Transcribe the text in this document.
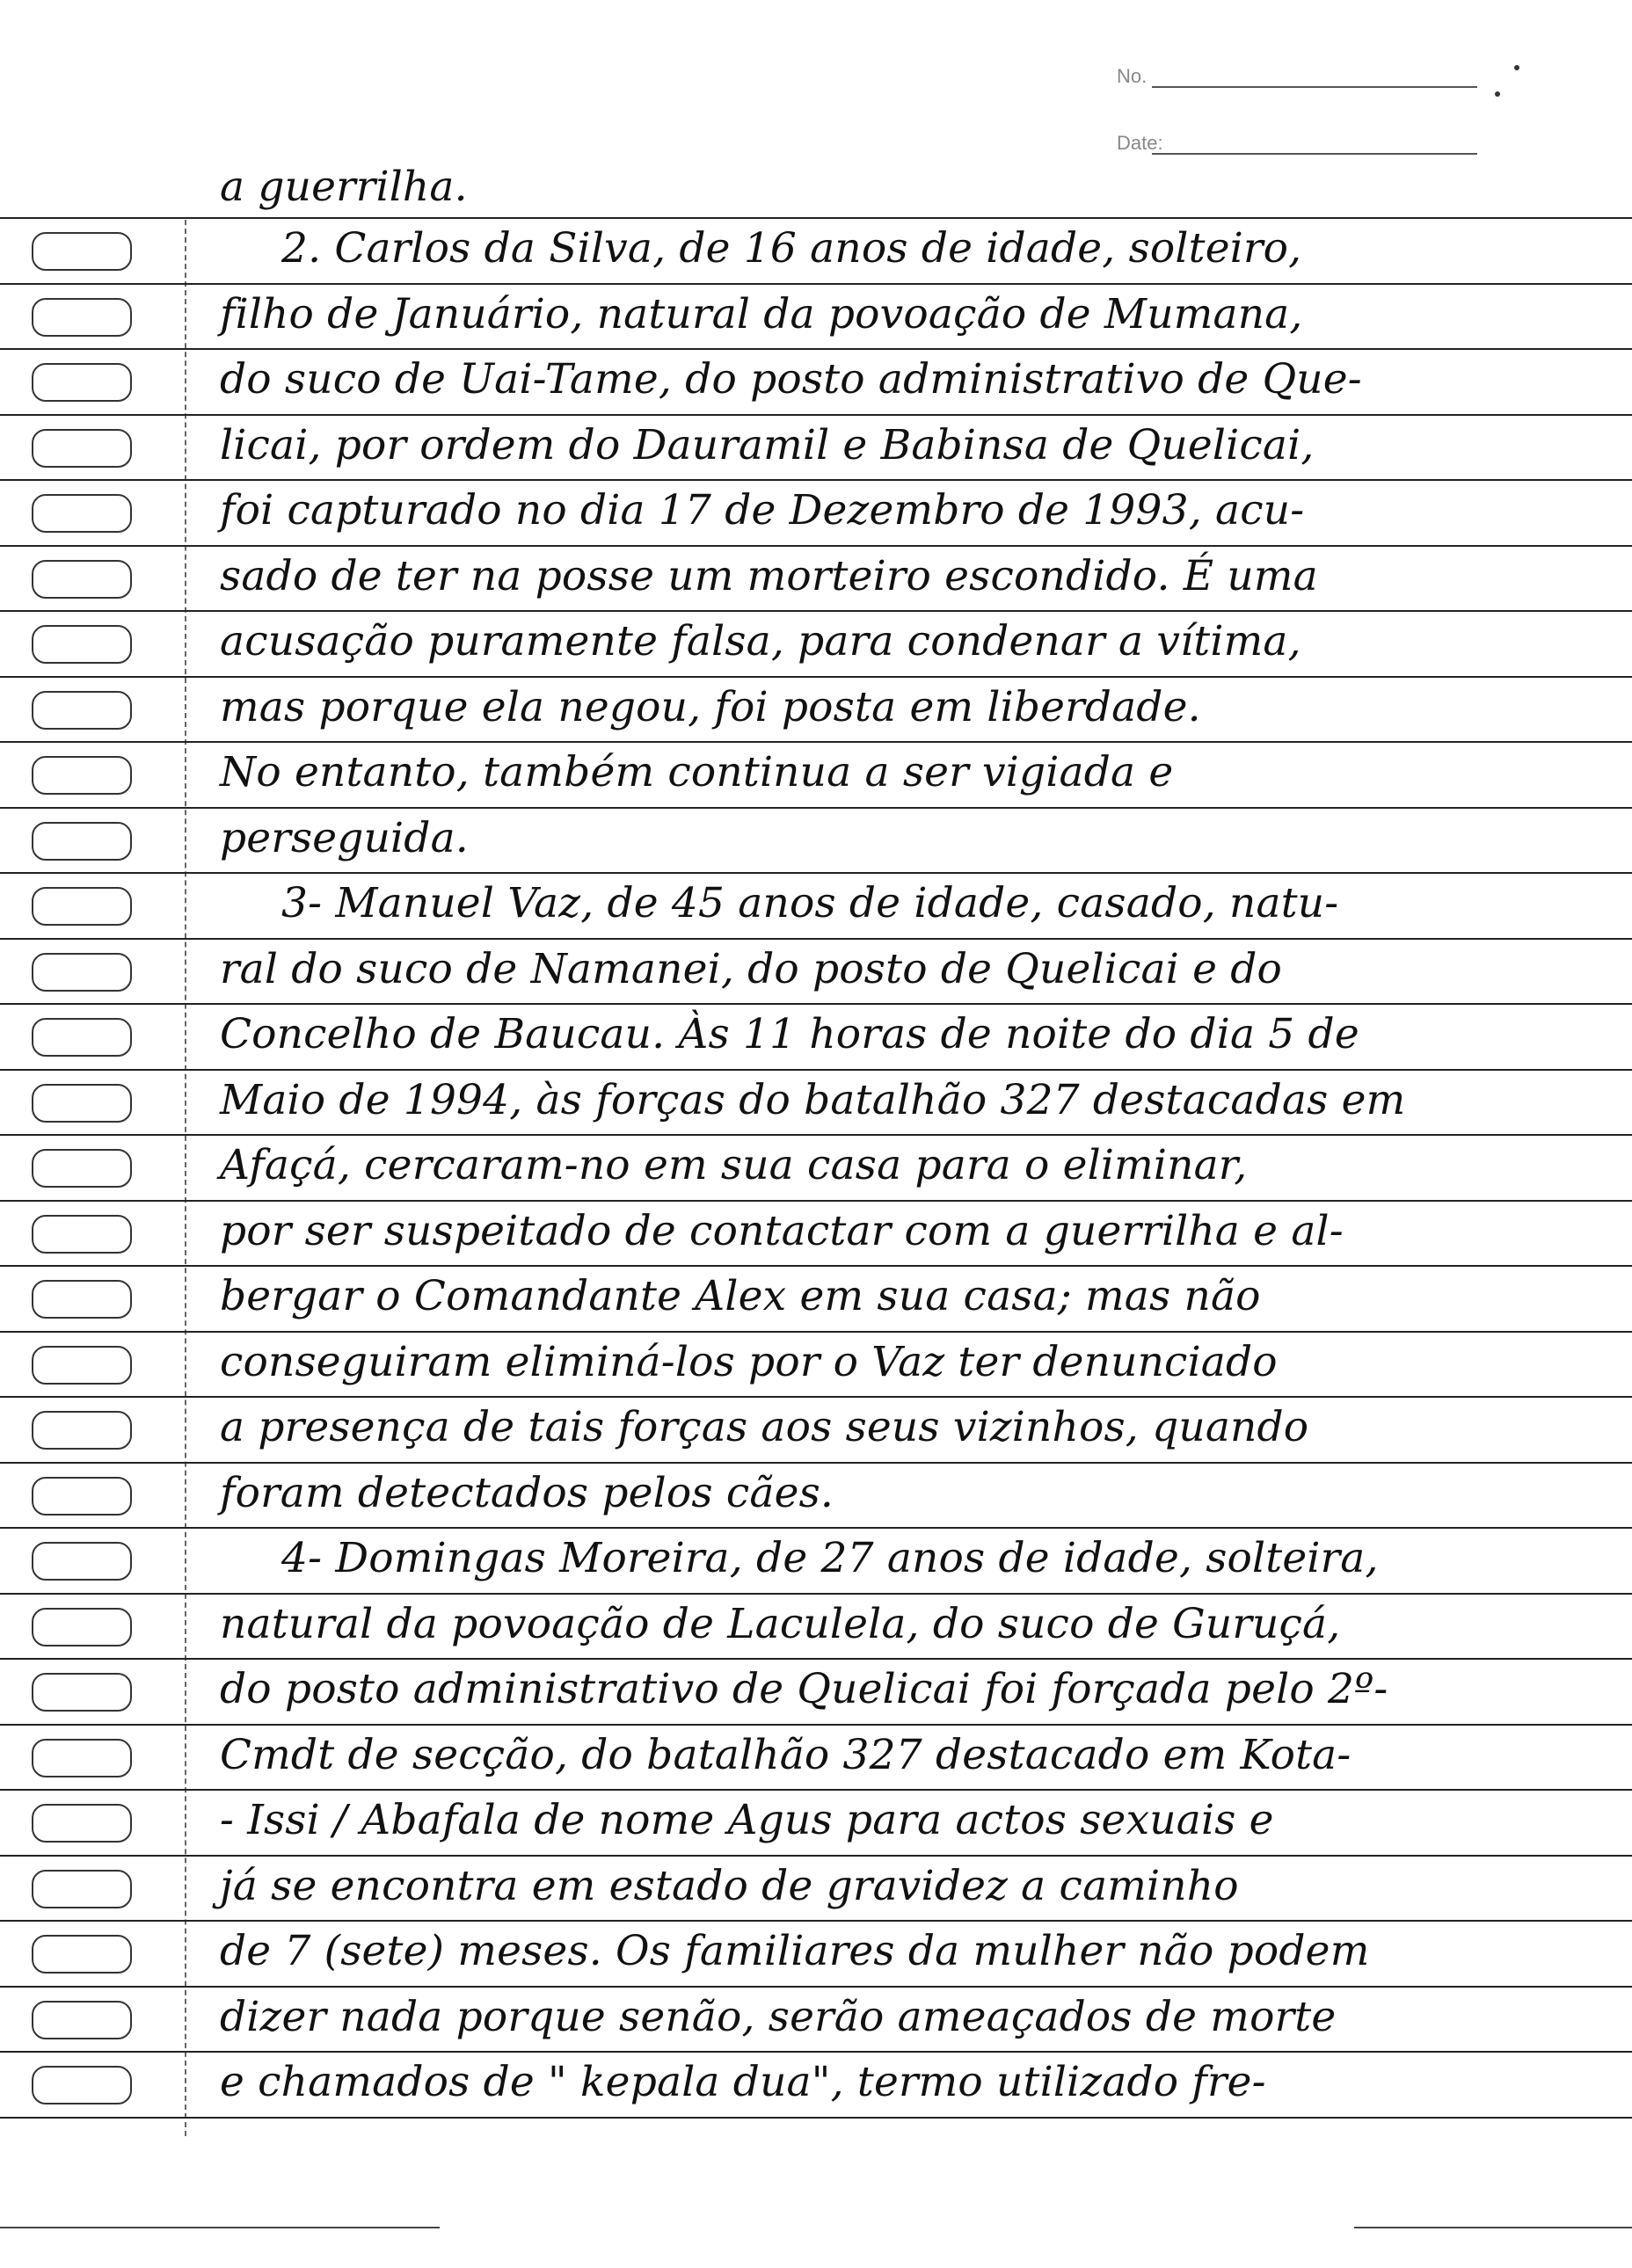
No.
Date:
a guerrilha.
2. Carlos da Silva, de 16 anos de idade, solteiro,
filho de Januário, natural da povoação de Mumana,
do suco de Uai-Tame, do posto administrativo de Que-
licai, por ordem do Dauramil e Babinsa de Quelicai,
foi capturado no dia 17 de Dezembro de 1993, acu-
sado de ter na posse um morteiro escondido. É uma
acusação puramente falsa, para condenar a vítima,
mas porque ela negou, foi posta em liberdade.
No entanto, também continua a ser vigiada e
perseguida.
3- Manuel Vaz, de 45 anos de idade, casado, natu-
ral do suco de Namanei, do posto de Quelicai e do
Concelho de Baucau. Às 11 horas de noite do dia 5 de
Maio de 1994, às forças do batalhão 327 destacadas em
Afaçá, cercaram-no em sua casa para o eliminar,
por ser suspeitado de contactar com a guerrilha e al-
bergar o Comandante Alex em sua casa; mas não
conseguiram eliminá-los por o Vaz ter denunciado
a presença de tais forças aos seus vizinhos, quando
foram detectados pelos cães.
4- Domingas Moreira, de 27 anos de idade, solteira,
natural da povoação de Laculela, do suco de Guruçá,
do posto administrativo de Quelicai foi forçada pelo 2º-
Cmdt de secção, do batalhão 327 destacado em Kota-
- Issi / Abafala de nome Agus para actos sexuais e
já se encontra em estado de gravidez a caminho
de 7 (sete) meses. Os familiares da mulher não podem
dizer nada porque senão, serão ameaçados de morte
e chamados de " kepala dua", termo utilizado fre-
